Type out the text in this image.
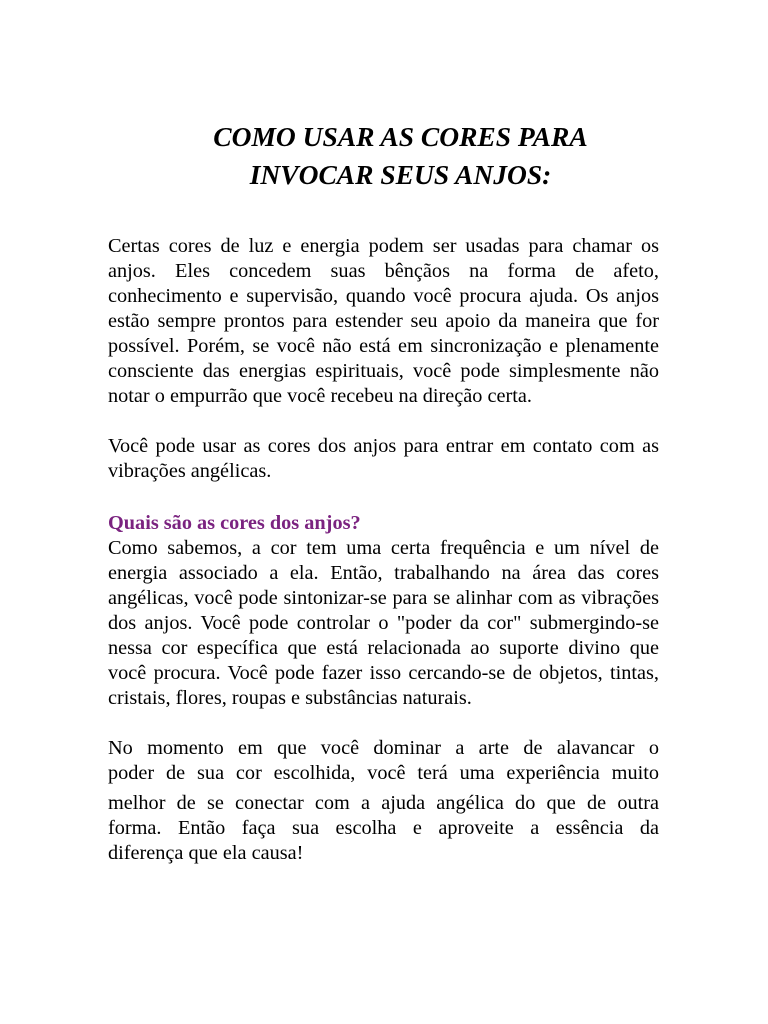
COMO USAR AS CORES PARA
INVOCAR SEUS ANJOS:

Certas cores de luz e energia podem ser usadas para chamar os anjos. Eles concedem suas bênçãos na forma de afeto, conhecimento e supervisão, quando você procura ajuda. Os anjos estão sempre prontos para estender seu apoio da maneira que for possível. Porém, se você não está em sincronização e plenamente consciente das energias espirituais, você pode simplesmente não notar o empurrão que você recebeu na direção certa.

Você pode usar as cores dos anjos para entrar em contato com as vibrações angélicas.

Quais são as cores dos anjos?

Como sabemos, a cor tem uma certa frequência e um nível de energia associado a ela. Então, trabalhando na área das cores angélicas, você pode sintonizar-se para se alinhar com as vibrações dos anjos. Você pode controlar o "poder da cor" submergindo-se nessa cor específica que está relacionada ao suporte divino que você procura. Você pode fazer isso cercando-se de objetos, tintas, cristais, flores, roupas e substâncias naturais.

No momento em que você dominar a arte de alavancar o
poder de sua cor escolhida, você terá uma experiência muito
melhor de se conectar com a ajuda angélica do que de outra
forma. Então faça sua escolha e aproveite a essência da
diferença que ela causa!
